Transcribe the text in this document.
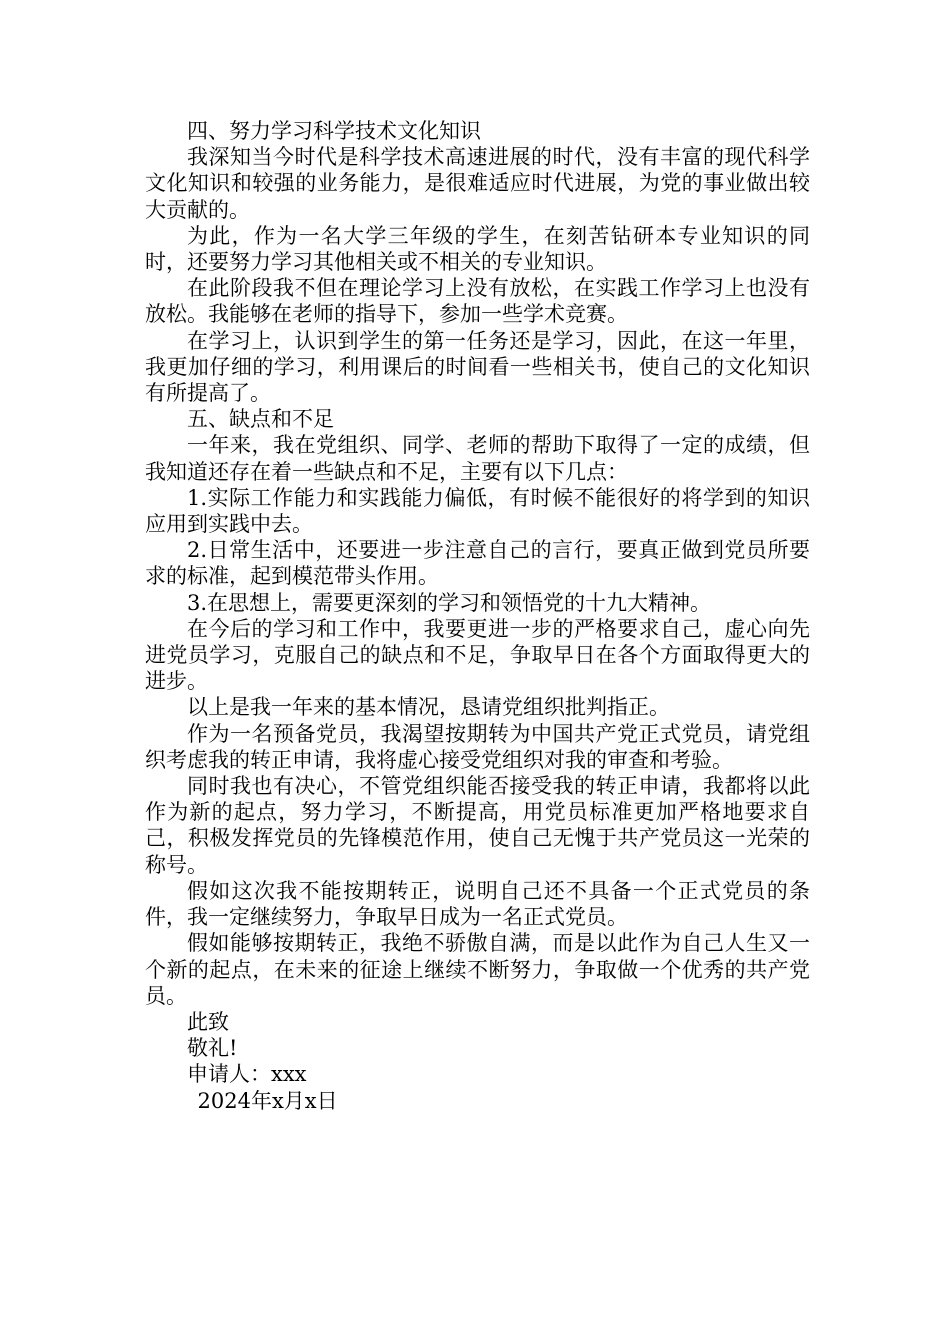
四、努力学习科学技术文化知识

我深知当今时代是科学技术高速进展的时代，没有丰富的现代科学文化知识和较强的业务能力，是很难适应时代进展，为党的事业做出较大贡献的。

为此，作为一名大学三年级的学生，在刻苦钻研本专业知识的同时，还要努力学习其他相关或不相关的专业知识。

在此阶段我不但在理论学习上没有放松，在实践工作学习上也没有放松。我能够在老师的指导下，参加一些学术竞赛。

在学习上，认识到学生的第一任务还是学习，因此，在这一年里，我更加仔细的学习，利用课后的时间看一些相关书，使自己的文化知识有所提高了。

五、缺点和不足

一年来，我在党组织、同学、老师的帮助下取得了一定的成绩，但我知道还存在着一些缺点和不足，主要有以下几点：

1.实际工作能力和实践能力偏低，有时候不能很好的将学到的知识应用到实践中去。

2.日常生活中，还要进一步注意自己的言行，要真正做到党员所要求的标准，起到模范带头作用。

3.在思想上，需要更深刻的学习和领悟党的十九大精神。

在今后的学习和工作中，我要更进一步的严格要求自己，虚心向先进党员学习，克服自己的缺点和不足，争取早日在各个方面取得更大的进步。

以上是我一年来的基本情况，恳请党组织批判指正。

作为一名预备党员，我渴望按期转为中国共产党正式党员，请党组织考虑我的转正申请，我将虚心接受党组织对我的审查和考验。

同时我也有决心，不管党组织能否接受我的转正申请，我都将以此作为新的起点，努力学习，不断提高，用党员标准更加严格地要求自己，积极发挥党员的先锋模范作用，使自己无愧于共产党员这一光荣的称号。

假如这次我不能按期转正，说明自己还不具备一个正式党员的条件，我一定继续努力，争取早日成为一名正式党员。

假如能够按期转正，我绝不骄傲自满，而是以此作为自己人生又一个新的起点，在未来的征途上继续不断努力，争取做一个优秀的共产党员。

此致

敬礼!

申请人：xxx

2024年x月x日
